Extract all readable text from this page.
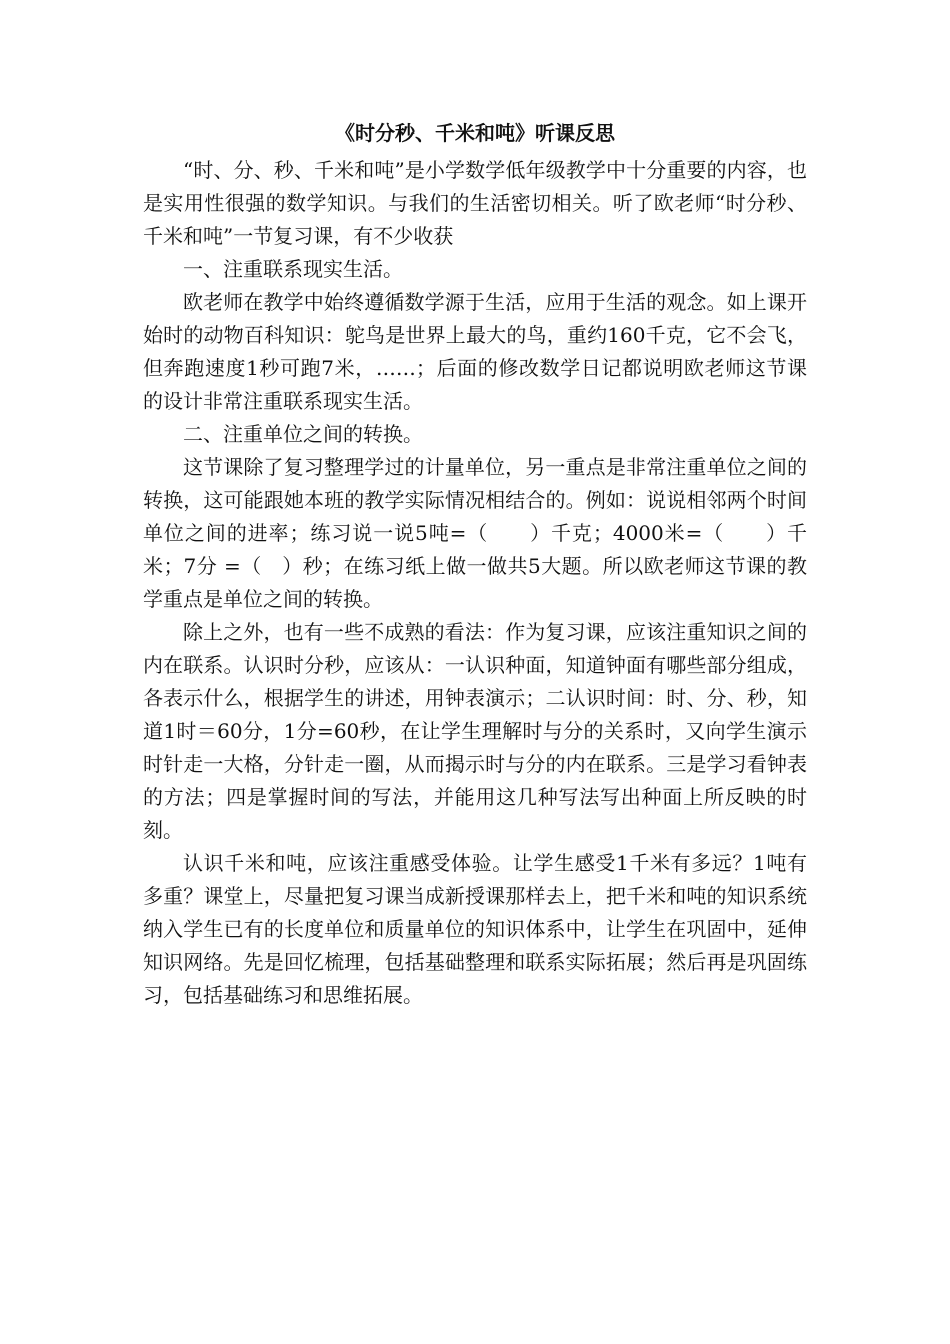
《时分秒、千米和吨》听课反思

“时、分、秒、千米和吨”是小学数学低年级教学中十分重要的内容，也是实用性很强的数学知识。与我们的生活密切相关。听了欧老师“时分秒、千米和吨”一节复习课，有不少收获

一、注重联系现实生活。

欧老师在教学中始终遵循数学源于生活，应用于生活的观念。如上课开始时的动物百科知识：鸵鸟是世界上最大的鸟，重约160千克，它不会飞，但奔跑速度1秒可跑7米，……；后面的修改数学日记都说明欧老师这节课的设计非常注重联系现实生活。

二、注重单位之间的转换。

这节课除了复习整理学过的计量单位，另一重点是非常注重单位之间的转换，这可能跟她本班的教学实际情况相结合的。例如：说说相邻两个时间单位之间的进率；练习说一说5吨=（　　）千克；4000米=（　　）千米；7分 =（　）秒；在练习纸上做一做共5大题。所以欧老师这节课的教学重点是单位之间的转换。

除上之外，也有一些不成熟的看法：作为复习课，应该注重知识之间的内在联系。认识时分秒，应该从：一认识种面，知道钟面有哪些部分组成，各表示什么，根据学生的讲述，用钟表演示；二认识时间：时、分、秒，知道1时＝60分，1分=60秒，在让学生理解时与分的关系时，又向学生演示时针走一大格，分针走一圈，从而揭示时与分的内在联系。三是学习看钟表的方法；四是掌握时间的写法，并能用这几种写法写出种面上所反映的时刻。

认识千米和吨，应该注重感受体验。让学生感受1千米有多远？1吨有多重？课堂上，尽量把复习课当成新授课那样去上，把千米和吨的知识系统纳入学生已有的长度单位和质量单位的知识体系中，让学生在巩固中，延伸知识网络。先是回忆梳理，包括基础整理和联系实际拓展；然后再是巩固练习，包括基础练习和思维拓展。
